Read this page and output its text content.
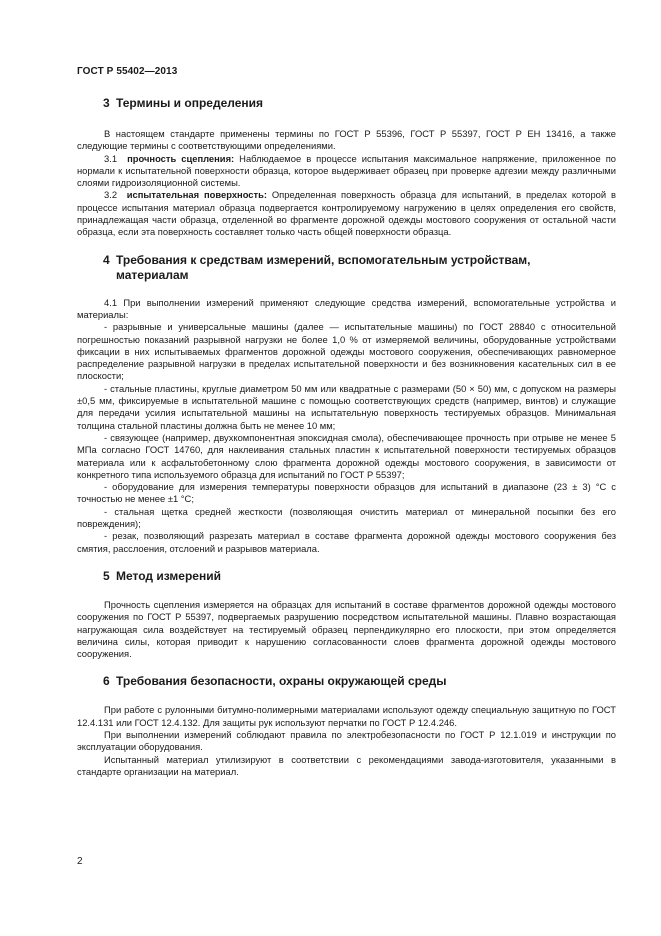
ГОСТ Р 55402—2013
3 Термины и определения

В настоящем стандарте применены термины по ГОСТ Р 55396, ГОСТ Р 55397, ГОСТ Р ЕН 13416, а также следующие термины с соответствующими определениями.

3.1 прочность сцепления: Наблюдаемое в процессе испытания максимальное напряжение, приложенное по нормали к испытательной поверхности образца, которое выдерживает образец при проверке адгезии между различными слоями гидроизоляционной системы.

3.2 испытательная поверхность: Определенная поверхность образца для испытаний, в пределах которой в процессе испытания материал образца подвергается контролируемому нагружению в целях определения его свойств, принадлежащая части образца, отделенной во фрагменте дорожной одежды мостового сооружения от остальной части образца, если эта поверхность составляет только часть общей поверхности образца.

4 Требования к средствам измерений, вспомогательным устройствам,
материалам

4.1 При выполнении измерений применяют следующие средства измерений, вспомогательные устройства и материалы:

- разрывные и универсальные машины (далее — испытательные машины) по ГОСТ 28840 с относительной погрешностью показаний разрывной нагрузки не более 1,0 % от измеряемой величины, оборудованные устройствами фиксации в них испытываемых фрагментов дорожной одежды мостового сооружения, обеспечивающих равномерное распределение разрывной нагрузки в пределах испытательной поверхности и без возникновения касательных сил в ее плоскости;

- стальные пластины, круглые диаметром 50 мм или квадратные с размерами (50 × 50) мм, с допуском на размеры ±0,5 мм, фиксируемые в испытательной машине с помощью соответствующих средств (например, винтов) и служащие для передачи усилия испытательной машины на испытательную поверхность тестируемых образцов. Минимальная толщина стальной пластины должна быть не менее 10 мм;

- связующее (например, двухкомпонентная эпоксидная смола), обеспечивающее прочность при отрыве не менее 5 МПа согласно ГОСТ 14760, для наклеивания стальных пластин к испытательной поверхности тестируемых образцов материала или к асфальтобетонному слою фрагмента дорожной одежды мостового сооружения, в зависимости от конкретного типа используемого образца для испытаний по ГОСТ Р 55397;

- оборудование для измерения температуры поверхности образцов для испытаний в диапазоне (23 ± 3) °С с точностью не менее ±1 °С;

- стальная щетка средней жесткости (позволяющая очистить материал от минеральной посыпки без его повреждения);

- резак, позволяющий разрезать материал в составе фрагмента дорожной одежды мостового сооружения без смятия, расслоения, отслоений и разрывов материала.

5 Метод измерений

Прочность сцепления измеряется на образцах для испытаний в составе фрагментов дорожной одежды мостового сооружения по ГОСТ Р 55397, подвергаемых разрушению посредством испытательной машины. Плавно возрастающая нагружающая сила воздействует на тестируемый образец перпендикулярно его плоскости, при этом определяется величина силы, которая приводит к нарушению согласованности слоев фрагмента дорожной одежды мостового сооружения.

6 Требования безопасности, охраны окружающей среды

При работе с рулонными битумно-полимерными материалами используют одежду специальную защитную по ГОСТ 12.4.131 или ГОСТ 12.4.132. Для защиты рук используют перчатки по ГОСТ Р 12.4.246.

При выполнении измерений соблюдают правила по электробезопасности по ГОСТ Р 12.1.019 и инструкции по эксплуатации оборудования.

Испытанный материал утилизируют в соответствии с рекомендациями завода-изготовителя, указанными в стандарте организации на материал.

2
